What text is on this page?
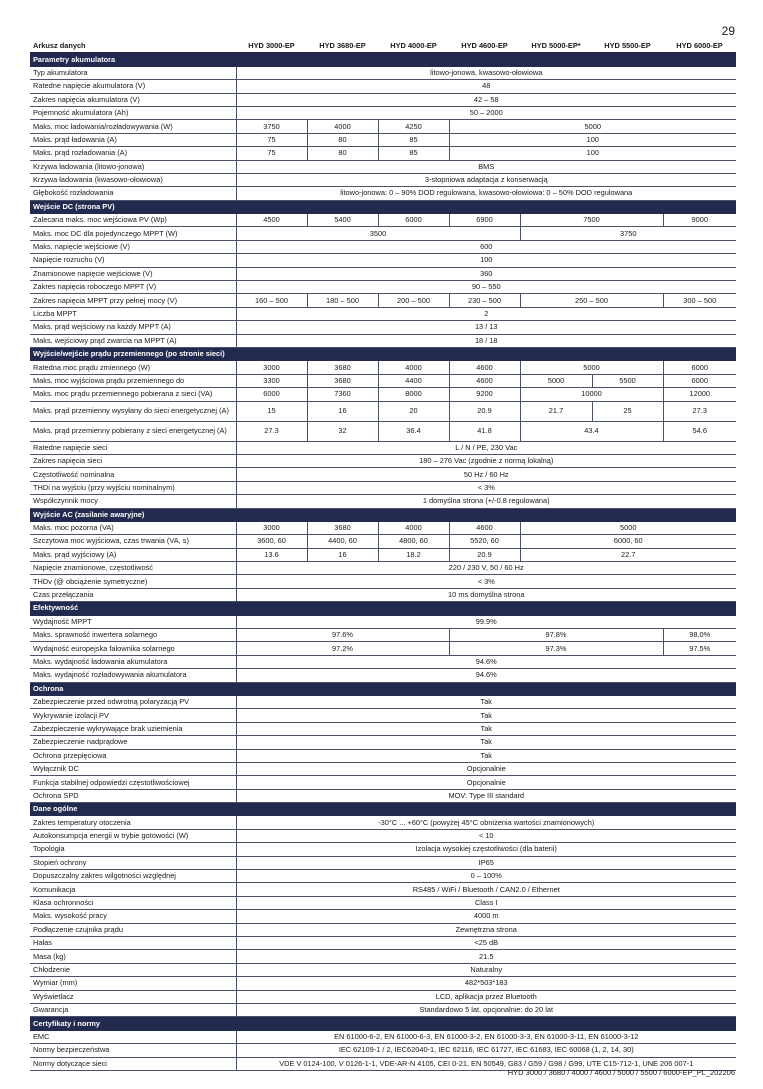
29
Arkusz danych	HYD 3000-EP	HYD 3680-EP	HYD 4000-EP	HYD 4600-EP	HYD 5000-EP*	HYD 5500-EP	HYD 6000-EP
Parametry akumulatora							
Typ akumulatora	litowo-jonowa, kwasowo-ołowiowa						
Ratedne napięcie akumulatora (V)	48						
Zakres napięcia akumulatora (V)	42 – 58						
Pojemność akumulatora (Ah)	50 – 2000						
Maks. moc ładowania/rozładowywania (W)	3750	4000	4250	5000			
Maks. prąd ładowania (A)	75	80	85	100			
Maks. prąd rozładowania (A)	75	80	85	100			
Krzywa ładowania (litowo-jonowa)	BMS						
Krzywa ładowania (kwasowo-ołowiowa)	3-stopniowa adaptacja z konserwacją						
Głębokość rozładowania	litowo-jonowa: 0 – 90% DOD regulowana, kwasowo-ołowiowa: 0 – 50% DOD regulowana						
Wejście DC (strona PV)							
Zalecana maks. moc wejściowa PV (Wp)	4500	5400	6000	6900	7500		9000
Maks. moc DC dla pojedynczego MPPT (W)	3500				3750		
Maks. napięcie wejściowe (V)	600						
Napięcie rozruchu (V)	100						
Znamionowe napięcie wejściowe (V)	360						
Zakres napięcia roboczego MPPT (V)	90 – 550						
Zakres napięcia MPPT przy pełnej mocy (V)	160 – 500	180 – 500	200 – 500	230 – 500	250 – 500		300 – 500
Liczba MPPT	2						
Maks. prąd wejściowy na każdy MPPT (A)	13 / 13						
Maks. wejściowy prąd zwarcia na MPPT (A)	18 / 18						
Wyjście/wejście prądu przemiennego (po stronie sieci)							
Ratedna moc prądu zmiennego (W)	3000	3680	4000	4600	5000		6000
Maks. moc wyjściowa prądu przemiennego do	3300	3680	4400	4600	5000	5500	6000
Maks. moc prądu przemiennego pobierana z sieci (VA)	6000	7360	8000	9200	10000		12000
Maks. prąd przemienny wysyłany do sieci energetycznej (A)	15	16	20	20.9	21.7	25	27.3
Maks. prąd przemienny pobierany z sieci energetycznej (A)	27.3	32	36.4	41.8	43.4		54.6
Ratedne napięcie sieci	L / N / PE, 230 Vac						
Zakres napięcia sieci	180 – 276 Vac (zgodnie z normą lokalną)						
Częstotliwość nominalna	50 Hz / 60 Hz						
THDi na wyjściu (przy wyjściu nominalnym)	< 3%						
Współczynnik mocy	1 domyślna strona (+/-0.8 regulowana)						
Wyjście AC (zasilanie awaryjne)							
Maks. moc pozorna (VA)	3000	3680	4000	4600	5000		
Szczytowa moc wyjściowa, czas trwania (VA, s)	3600, 60	4400, 60	4800, 60	5520, 60	6000, 60		
Maks. prąd wyjściowy (A)	13.6	16	18.2	20.9	22.7		
Napięcie znamionowe, częstotliwość	220 / 230 V, 50 / 60 Hz						
THDv (@ obciążenie symetryczne)	< 3%						
Czas przełączania	10 ms domyślna strona						
Efektywność							
Wydajność MPPT	99.9%						
Maks. sprawność inwertera solarnego	97.6%			97.8%			98.0%
Wydajność europejska falownika solarnego	97.2%			97.3%			97.5%
Maks. wydajność ładowania akumulatora	94.6%						
Maks. wydajność rozładowywania akumulatora	94.6%						
Ochrona							
Zabezpieczenie przed odwrotną polaryzacją PV	Tak						
Wykrywanie izolacji PV	Tak						
Zabezpieczenie wykrywające brak uziemienia	Tak						
Zabezpieczenie nadprądowe	Tak						
Ochrona przepięciowa	Tak						
Wyłącznik DC	Opcjonalnie						
Funkcja stabilnej odpowiedzi częstotliwościowej	Opcjonalnie						
Ochrona SPD	MOV: Type III standard						
Dane ogólne							
Zakres temperatury otoczenia	-30°C ... +60°C (powyżej 45°C obniżenia wartości znamionowych)						
Autokonsumpcja energii w trybie gotowości (W)	< 10						
Topologia	Izolacja wysokiej częstotliwości (dla baterii)						
Stopień ochrony	IP65						
Dopuszczalny zakres wilgotności względnej	0 – 100%						
Komunikacja	RS485 / WiFi / Bluetooth / CAN2.0 / Ethernet						
Klasa ochronności	Class I						
Maks. wysokość pracy	4000 m						
Podłączenie czujnika prądu	Zewnętrzna strona						
Hałas	<25 dB						
Masa (kg)	21.5						
Chłodzenie	Naturalny						
Wymiar (mm)	482*503*183						
Wyświetlacz	LCD, aplikacja przez Bluetooth						
Gwarancja	Standardowo 5 lat, opcjonalnie: do 20 lat						
Certyfikaty i normy							
EMC	EN 61000-6-2, EN 61000-6-3, EN 61000-3-2, EN 61000-3-3, EN 61000-3-11, EN 61000-3-12						
Normy bezpieczeństwa	IEC 62109-1 / 2, IEC62040-1, IEC 62116, IEC 61727, IEC 61683, IEC 60068 (1, 2, 14, 30)						
Normy dotyczące sieci	VDE V 0124-100, V 0126-1-1, VDE-AR-N 4105, CEI 0-21, EN 50549, G83 / G59 / G98 / G99, UTE C15-712-1, UNE 206 007-1						
HYD 3000 / 3680 / 4000 / 4600 / 5000 / 5500 / 6000-EP_PL_202206
